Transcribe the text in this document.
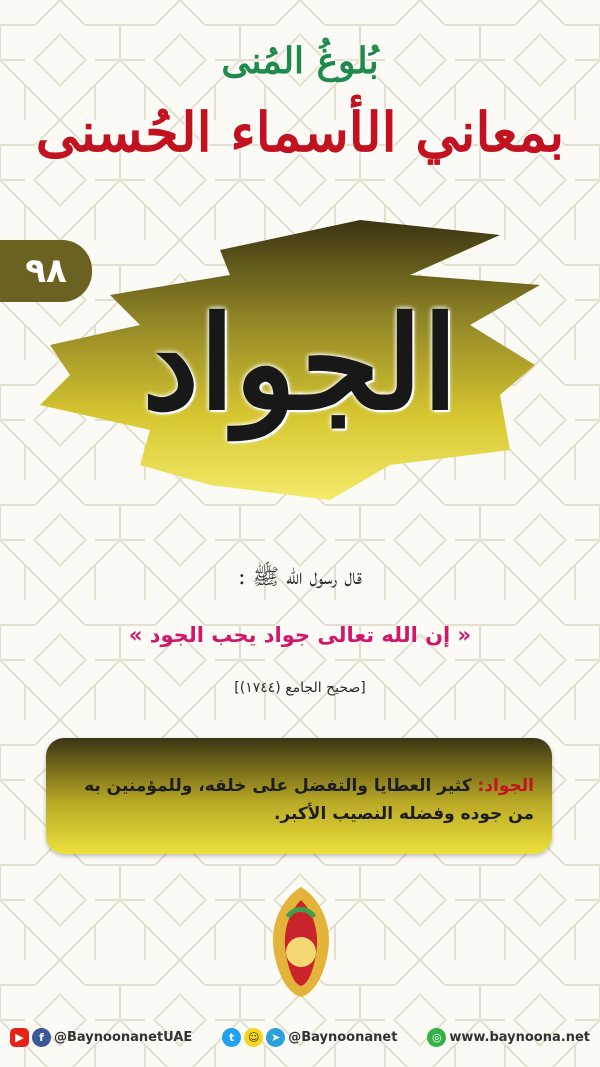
بُلوغُ المُنى
بمعاني الأسماء الحُسنى
٩٨
الجواد
قال رسول الله ﷺ :
« إن الله تعالى جواد يحب الجود »
[صحيح الجامع (١٧٤٤)]
الجواد: كثير العطايا والتفضل على خلقه، وللمؤمنين به من جوده وفضله النصيب الأكبر.
▶	f @BaynoonanetUAE	t	☺	➤ @Baynoonanet	◎ www.baynoona.net
